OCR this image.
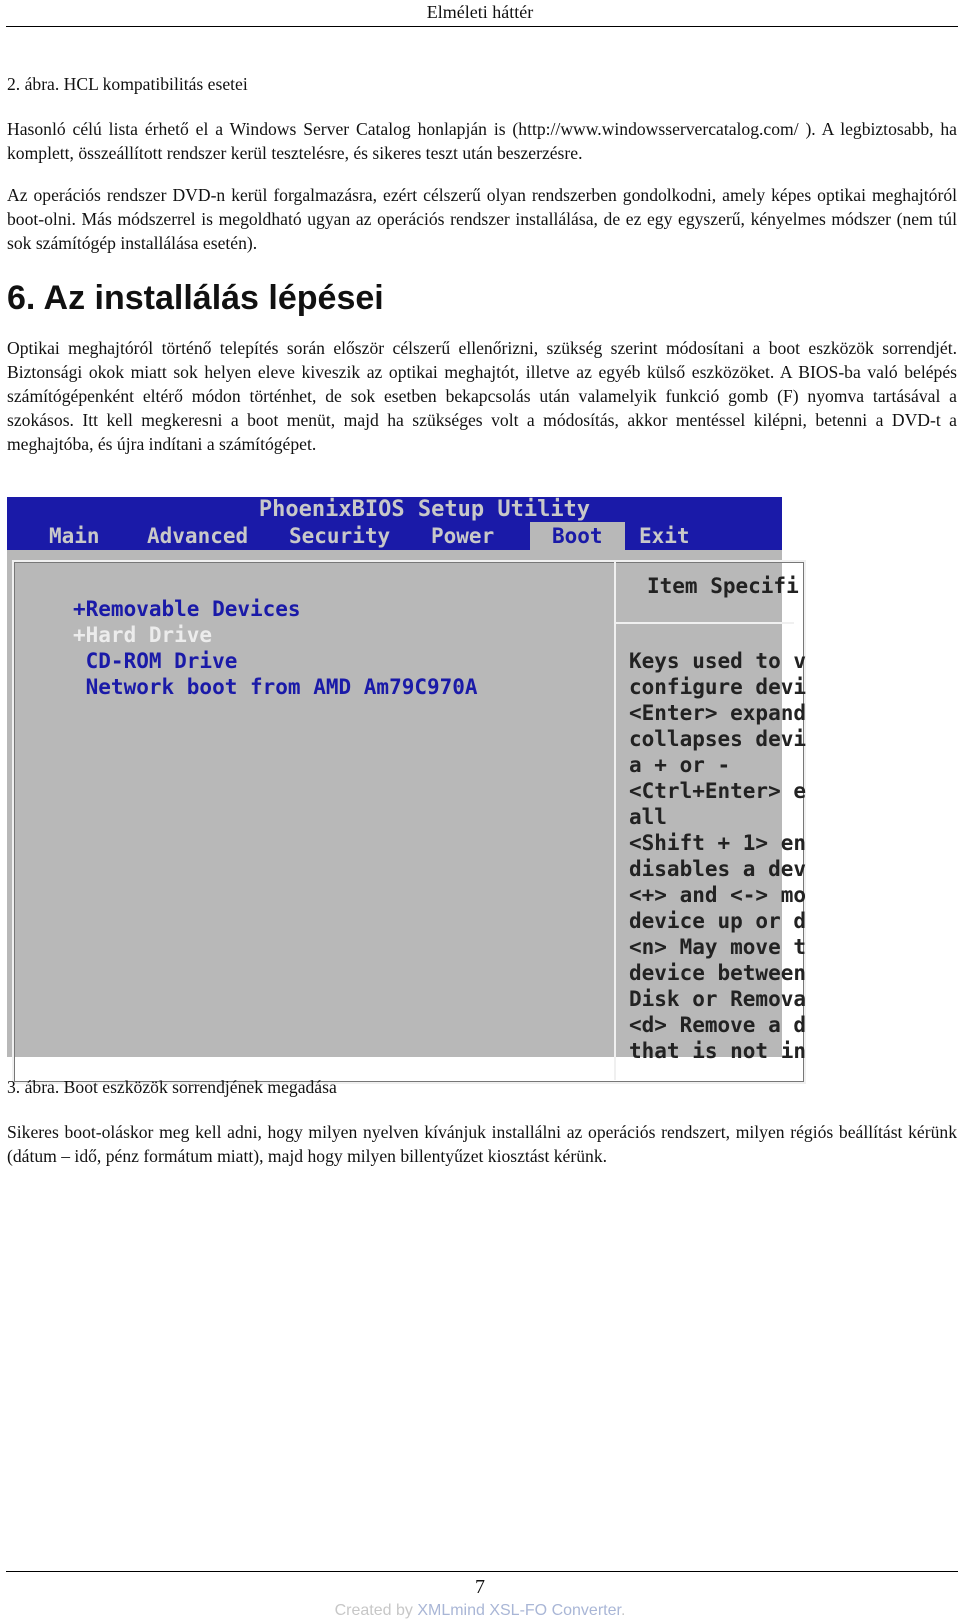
Elméleti háttér

2. ábra. HCL kompatibilitás esetei

Hasonló célú lista érhető el a Windows Server Catalog honlapján is (http://www.windowsservercatalog.com/ ). A legbiztosabb, ha komplett, összeállított rendszer kerül tesztelésre, és sikeres teszt után beszerzésre.

Az operációs rendszer DVD-n kerül forgalmazásra, ezért célszerű olyan rendszerben gondolkodni, amely képes optikai meghajtóról boot-olni. Más módszerrel is megoldható ugyan az operációs rendszer installálása, de ez egy egyszerű, kényelmes módszer (nem túl sok számítógép installálása esetén).

6. Az installálás lépései

Optikai meghajtóról történő telepítés során először célszerű ellenőrizni, szükség szerint módosítani a boot eszközök sorrendjét. Biztonsági okok miatt sok helyen eleve kiveszik az optikai meghajtót, illetve az egyéb külső eszközöket. A BIOS-ba való belépés számítógépenként eltérő módon történhet, de sok esetben bekapcsolás után valamelyik funkció gomb (F) nyomva tartásával a szokásos. Itt kell megkeresni a boot menüt, majd ha szükséges volt a módosítás, akkor mentéssel kilépni, betenni a DVD-t a meghajtóba, és újra indítani a számítógépet.

PhoenixBIOS Setup Utility
Main Advanced Security Power	Boot	Exit
+Removable Devices
+Hard Drive
CD-ROM Drive
Network boot from AMD Am79C970A
Item Specifi
Keys used to v
configure devi
<Enter> expand
collapses devi
a + or -
<Ctrl+Enter> e
all
<Shift + 1> en
disables a dev
<+> and <-> mo
device up or d
<n> May move t
device between
Disk or Remova
<d> Remove a d
that is not in

3. ábra. Boot eszközök sorrendjének megadása

Sikeres boot-oláskor meg kell adni, hogy milyen nyelven kívánjuk installálni az operációs rendszert, milyen régiós beállítást kérünk (dátum – idő, pénz formátum miatt), majd hogy milyen billentyűzet kiosztást kérünk.

7
Created by XMLmind XSL-FO Converter.
